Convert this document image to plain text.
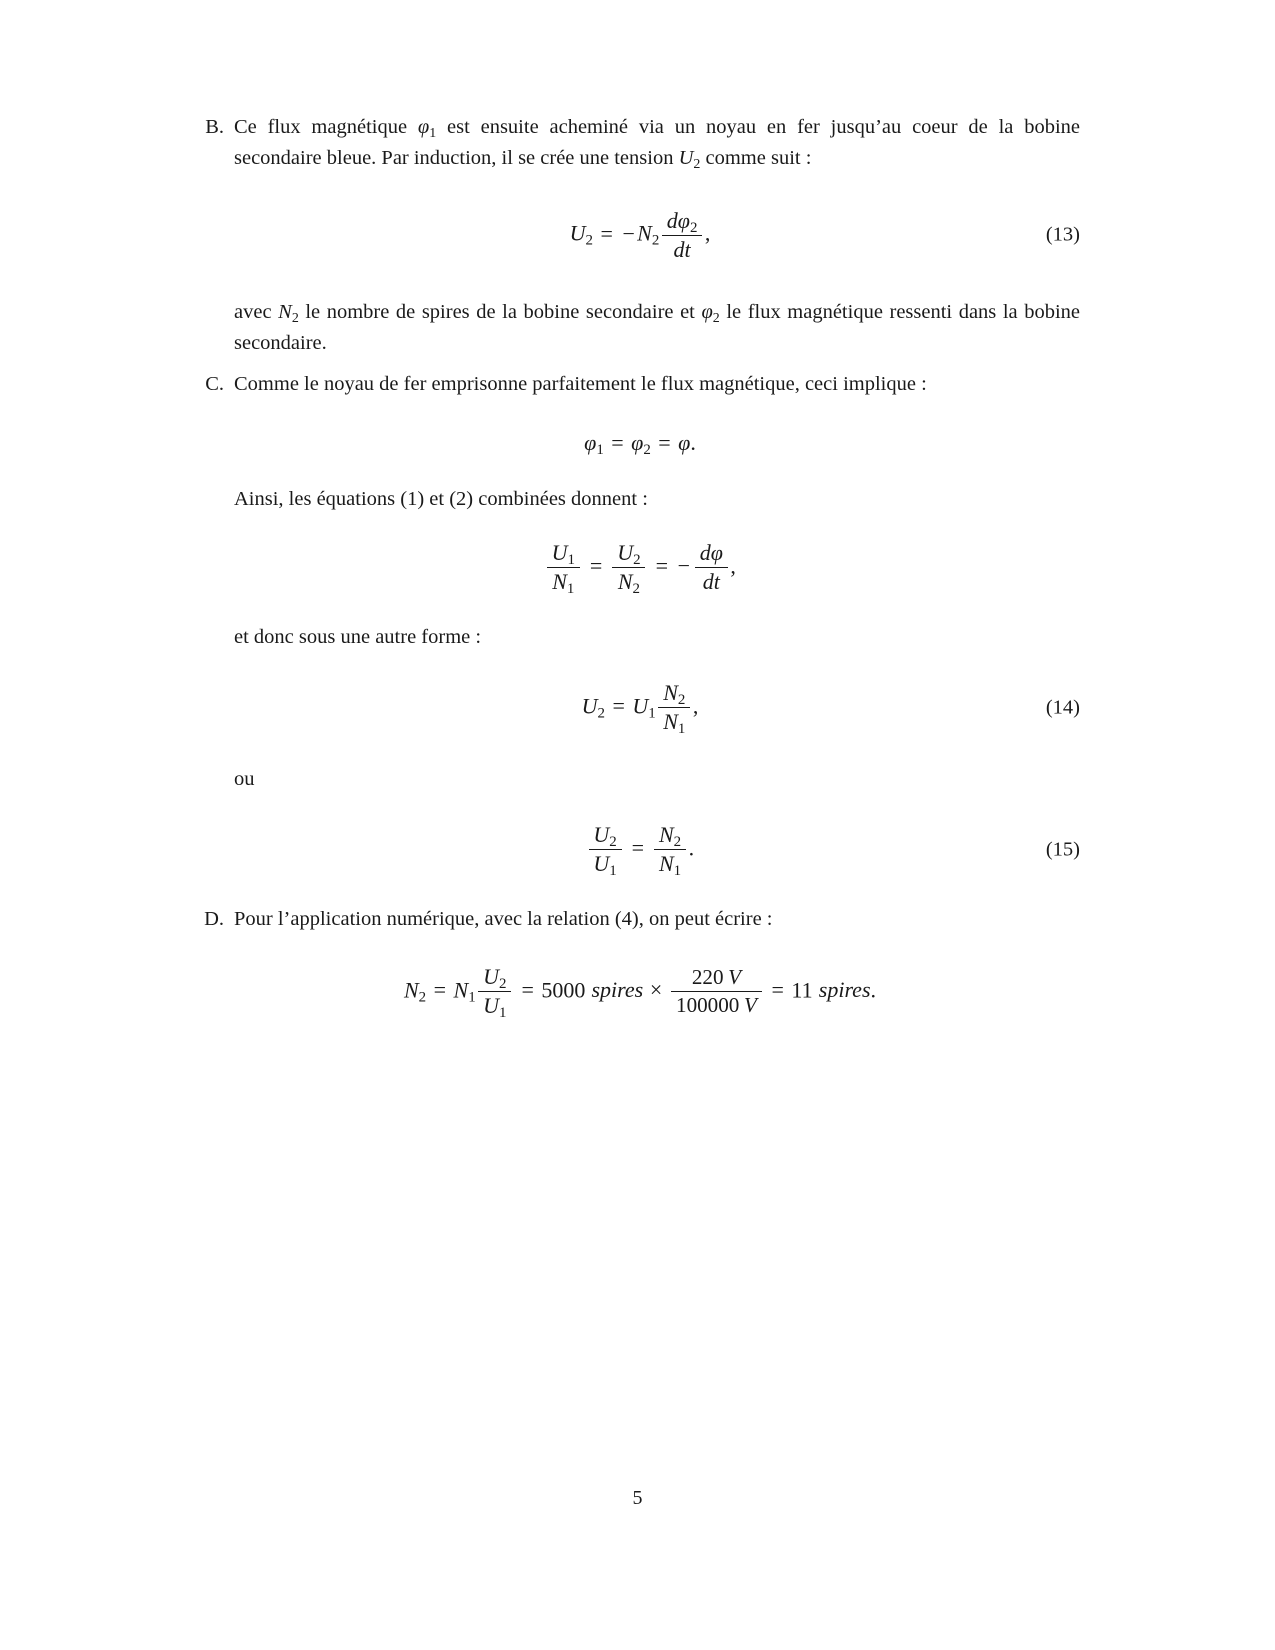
B. Ce flux magnétique $\varphi_1$ est ensuite acheminé via un noyau en fer jusqu’au coeur de la bobine secondaire bleue. Par induction, il se crée une tension $U_2$ comme suit :

$U_2 = -N_2 \frac{d\varphi_2}{dt}$ ,	(13)
avec $N_2$ le nombre de spires de la bobine secondaire et $\varphi_2$ le flux magnétique ressenti dans la bobine secondaire.
C. Comme le noyau de fer emprisonne parfaitement le flux magnétique, ceci implique :

$\varphi_1 = \varphi_2 = \varphi$.
Ainsi, les équations (1) et (2) combinées donnent :
$\frac{U_1}{N_1} = \frac{U_2}{N_2}$ = − $\frac{d\varphi}{dt}$ ,
et donc sous une autre forme :
$U_2 = U_1 \frac{N_2}{N_1}$ ,	(14)
ou
$\frac{U_2}{U_1} = \frac{N_2}{N_1}$ .	(15)
D. Pour l’application numérique, avec la relation (4), on peut écrire :

$N_2 = N_1 \frac{U_2}{U_1} = 5000$ spires × $\frac{220 V}{100000 V} = 11$ spires.
5
